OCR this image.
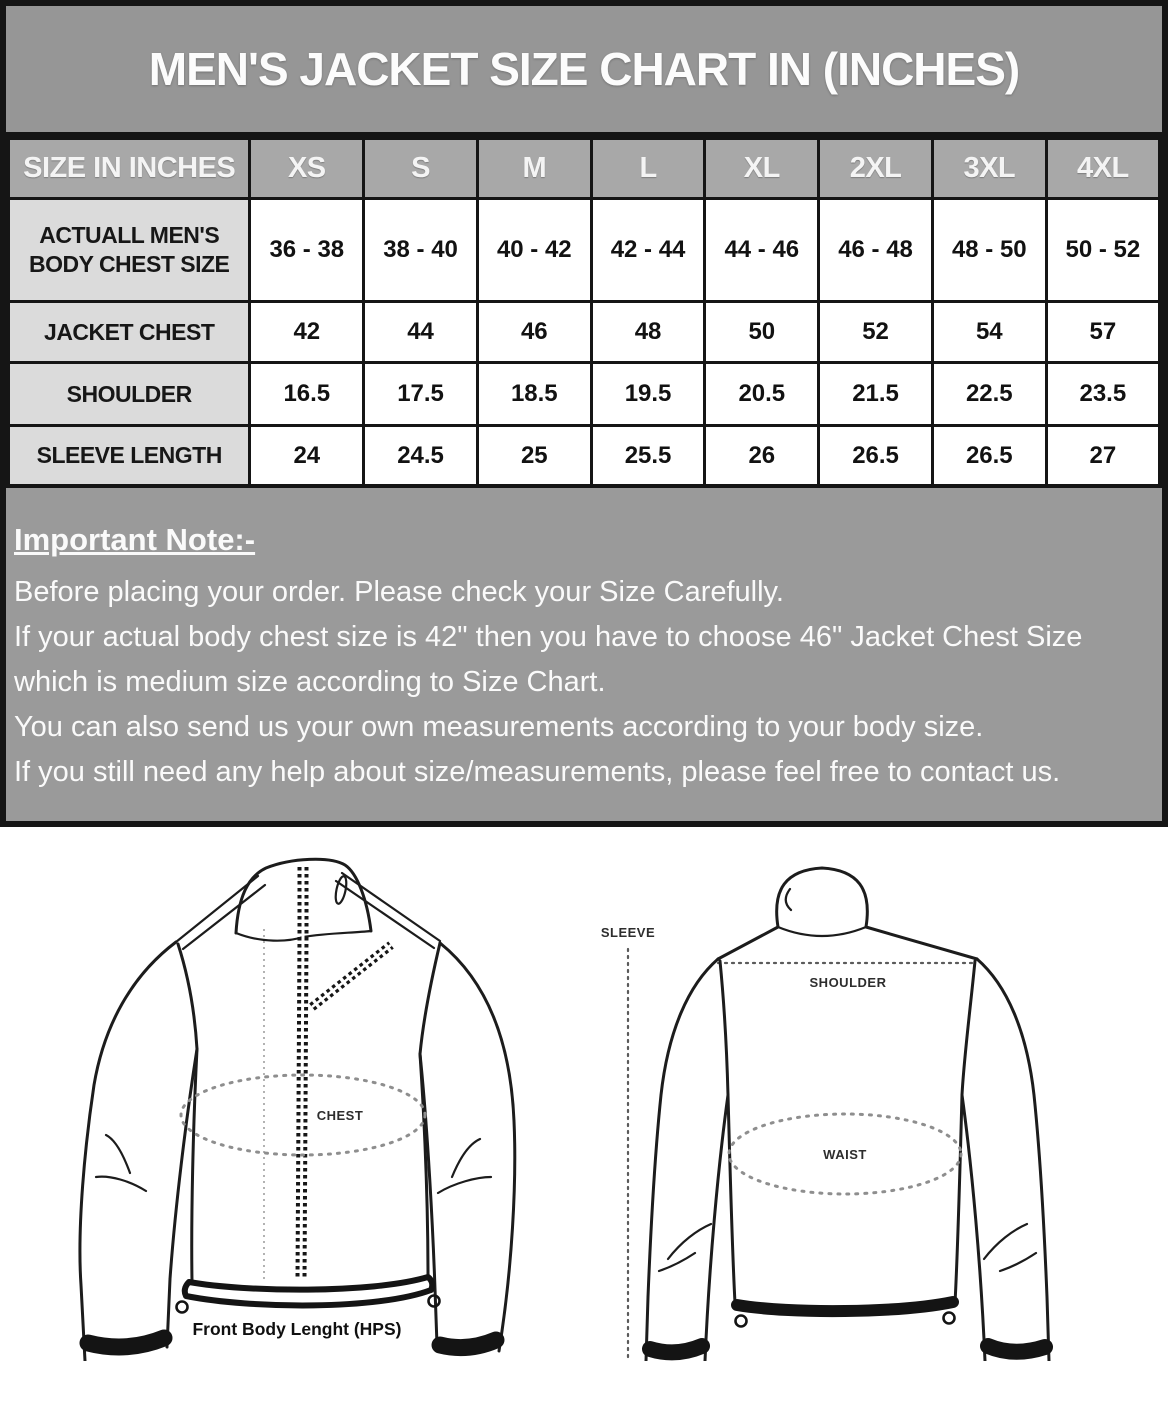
MEN'S JACKET SIZE CHART IN (INCHES)
SIZE IN INCHES	XS	S	M	L	XL	2XL	3XL	4XL
ACTUALL MEN'S BODY CHEST SIZE	36 - 38	38 - 40	40 - 42	42 - 44	44 - 46	46 - 48	48 - 50	50 - 52
JACKET CHEST	42	44	46	48	50	52	54	57
SHOULDER	16.5	17.5	18.5	19.5	20.5	21.5	22.5	23.5
SLEEVE LENGTH	24	24.5	25	25.5	26	26.5	26.5	27
Important Note:-

Before placing your order. Please check your Size Carefully.

If your actual body chest size is 42" then you have to choose 46" Jacket Chest Size which is medium size according to Size Chart.

You can also send us your own measurements according to your body size.

If you still need any help about size/measurements, please feel free to contact us.

CHEST
Front Body Lenght (HPS)
SLEEVE
SHOULDER
WAIST
